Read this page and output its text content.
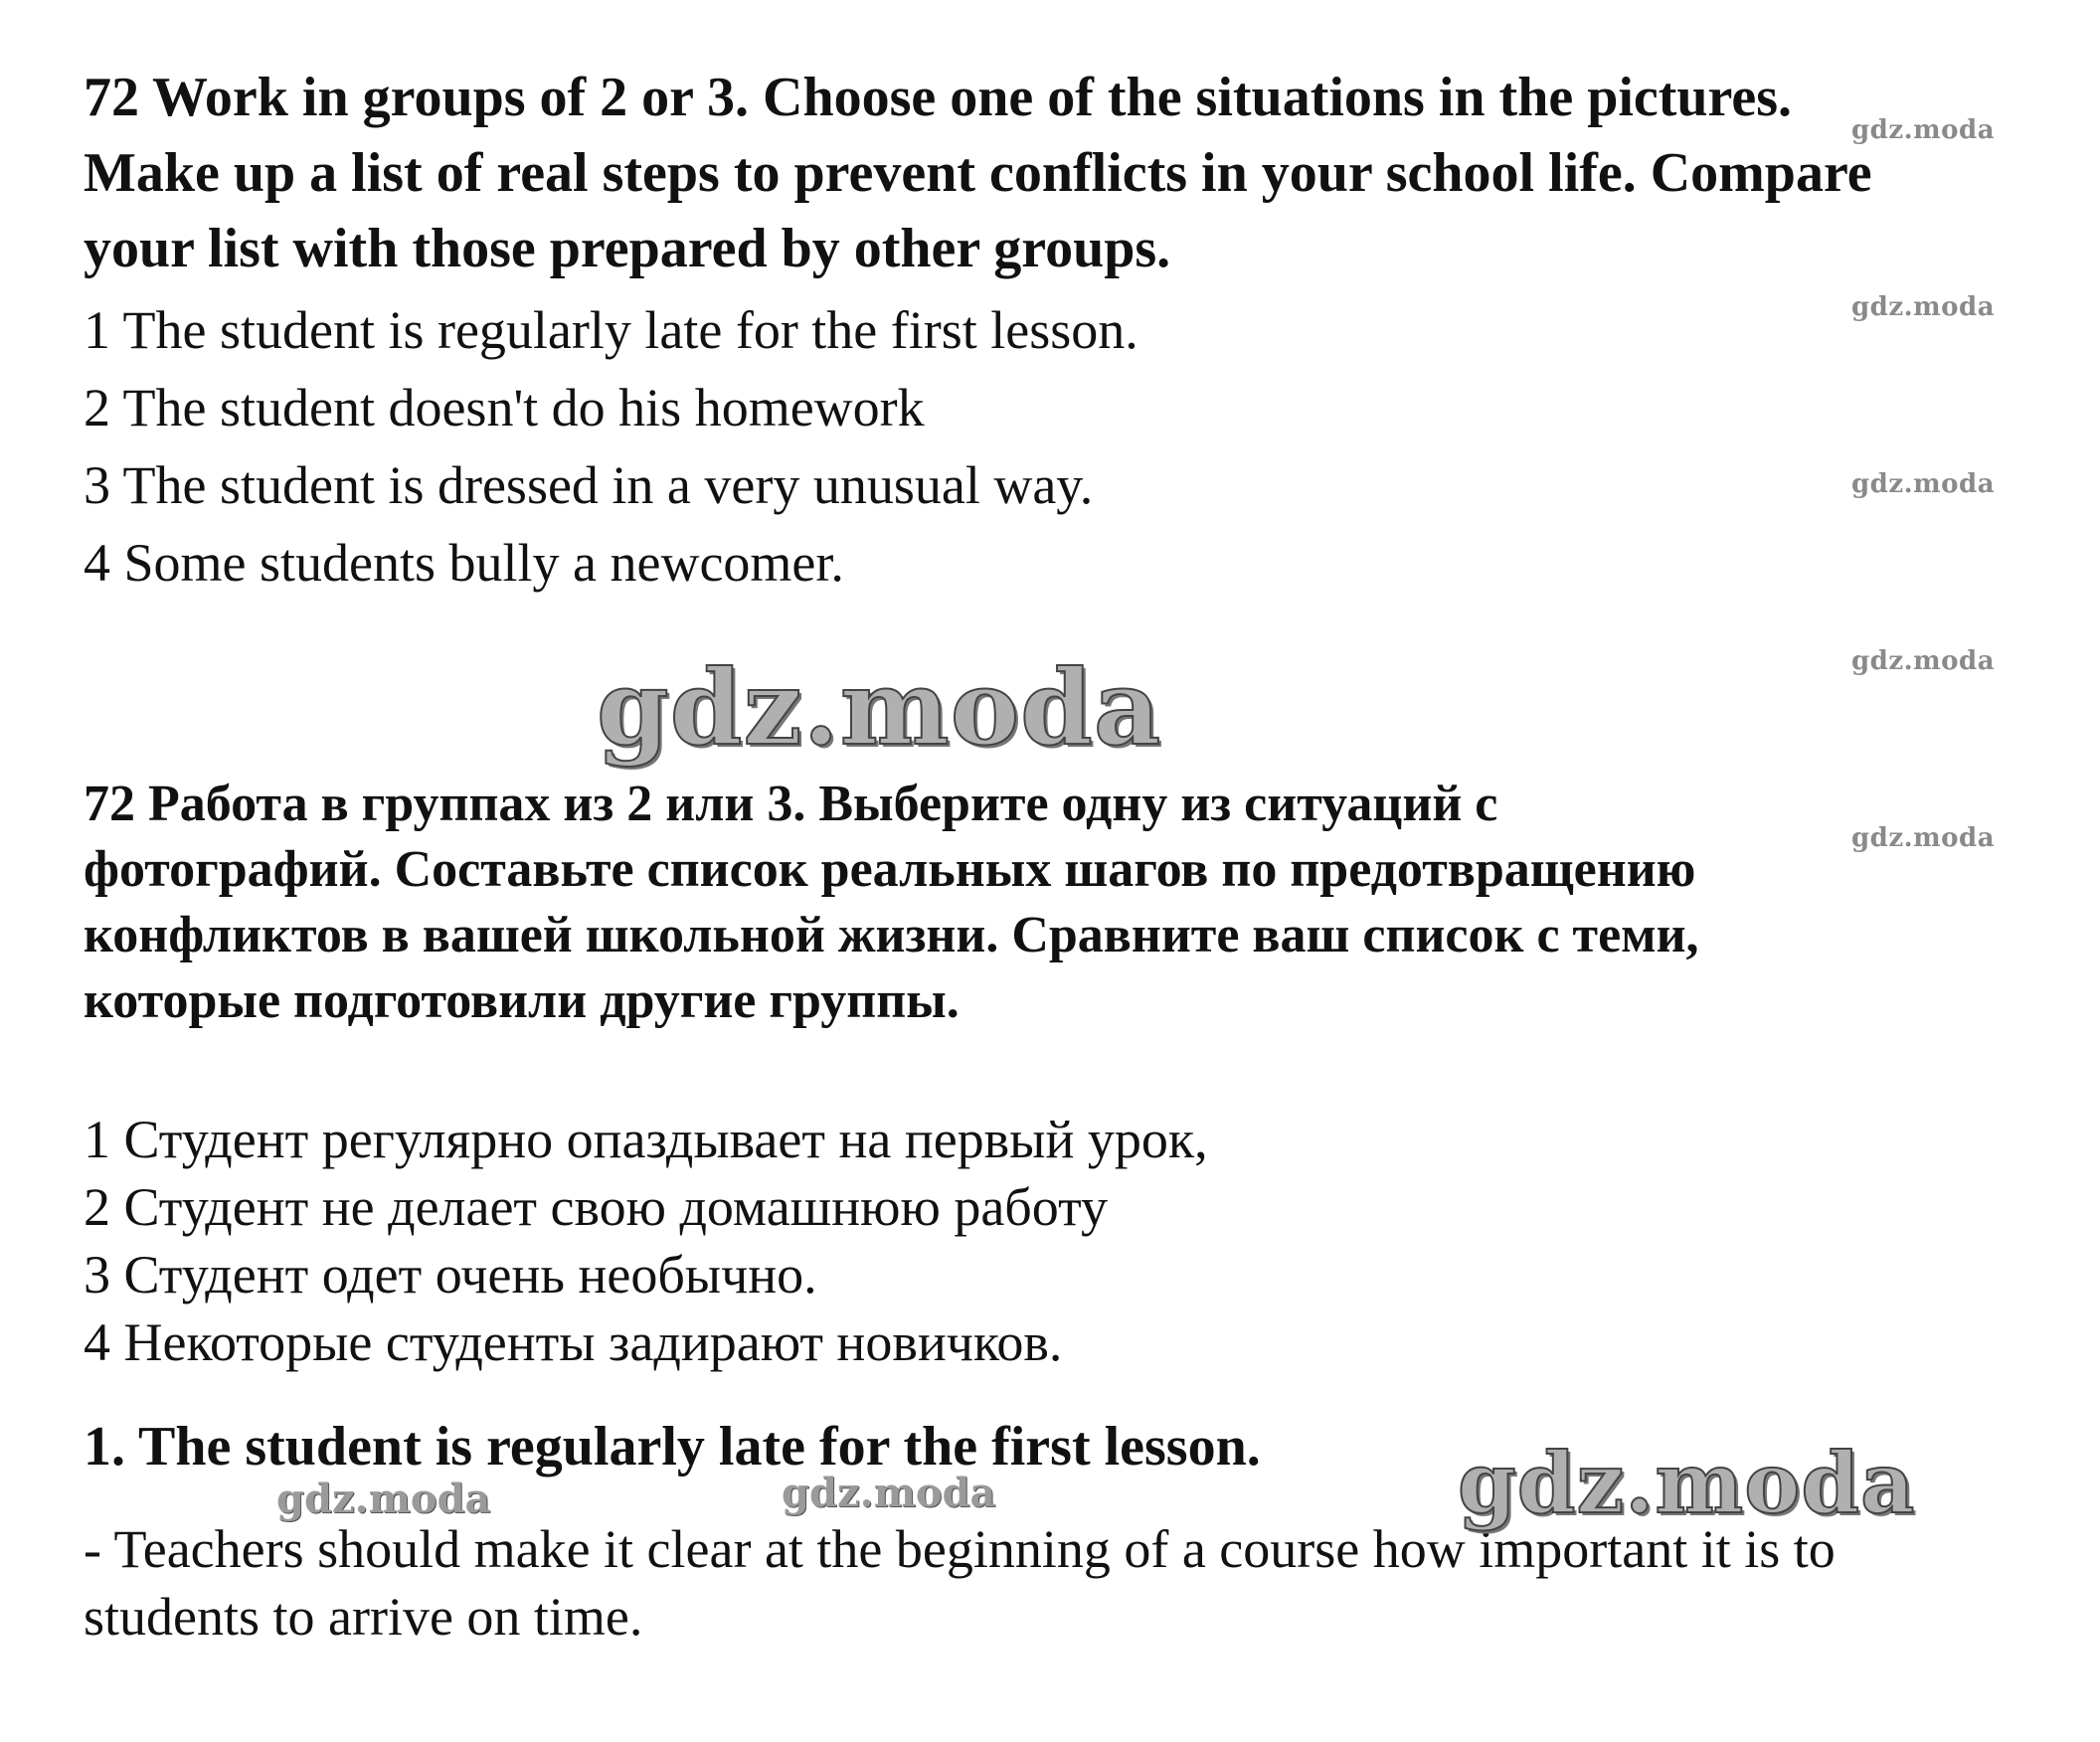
72 Work in groups of 2 or 3. Choose one of the situations in the pictures.
Make up a list of real steps to prevent conflicts in your school life. Compare
your list with those prepared by other groups.
1 The student is regularly late for the first lesson.
2 The student doesn't do his homework
3 The student is dressed in a very unusual way.
4 Some students bully a newcomer.
72 Работа в группах из 2 или 3. Выберите одну из ситуаций с
фотографий. Составьте список реальных шагов по предотвращению
конфликтов в вашей школьной жизни. Сравните ваш список с теми,
которые подготовили другие группы.
1 Студент регулярно опаздывает на первый урок,
2 Студент не делает свою домашнюю работу
3 Студент одет очень необычно.
4 Некоторые студенты задирают новичков.
1. The student is regularly late for the first lesson.
- Teachers should make it clear at the beginning of a course how important it is to
students to arrive on time.
gdz.moda
gdz.moda
gdz.moda
gdz.moda
gdz.moda
gdz.moda
gdz.moda
gdz.moda	gdz.moda
